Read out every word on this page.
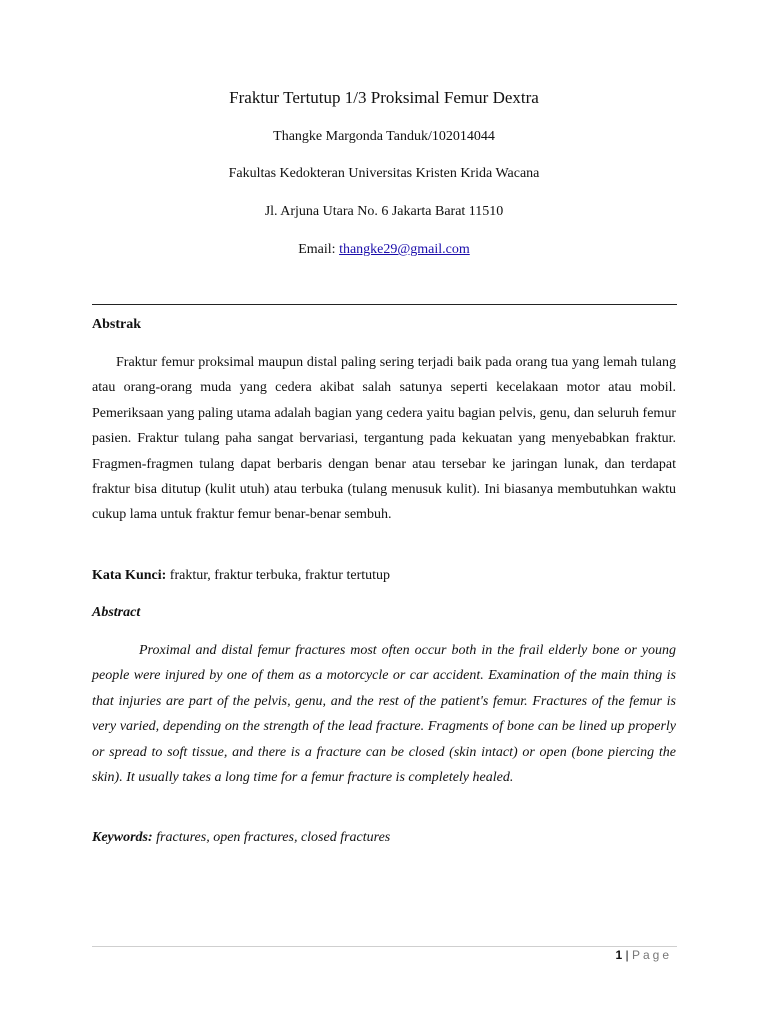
Fraktur Tertutup 1/3 Proksimal Femur Dextra
Thangke Margonda Tanduk/102014044
Fakultas Kedokteran Universitas Kristen Krida Wacana
Jl. Arjuna Utara No. 6 Jakarta Barat 11510
Email: thangke29@gmail.com
Abstrak
Fraktur femur proksimal maupun distal paling sering terjadi baik pada orang tua yang lemah tulang atau orang-orang muda yang cedera akibat salah satunya seperti kecelakaan motor atau mobil. Pemeriksaan yang paling utama adalah bagian yang cedera yaitu bagian pelvis, genu, dan seluruh femur pasien. Fraktur tulang paha sangat bervariasi, tergantung pada kekuatan yang menyebabkan fraktur. Fragmen-fragmen tulang dapat berbaris dengan benar atau tersebar ke jaringan lunak, dan terdapat fraktur bisa ditutup (kulit utuh) atau terbuka (tulang menusuk kulit). Ini biasanya membutuhkan waktu cukup lama untuk fraktur femur benar-benar sembuh.
Kata Kunci: fraktur, fraktur terbuka, fraktur tertutup
Abstract
Proximal and distal femur fractures most often occur both in the frail elderly bone or young people were injured by one of them as a motorcycle or car accident. Examination of the main thing is that injuries are part of the pelvis, genu, and the rest of the patient's femur. Fractures of the femur is very varied, depending on the strength of the lead fracture. Fragments of bone can be lined up properly or spread to soft tissue, and there is a fracture can be closed (skin intact) or open (bone piercing the skin). It usually takes a long time for a femur fracture is completely healed.
Keywords: fractures, open fractures, closed fractures
1 | Page
